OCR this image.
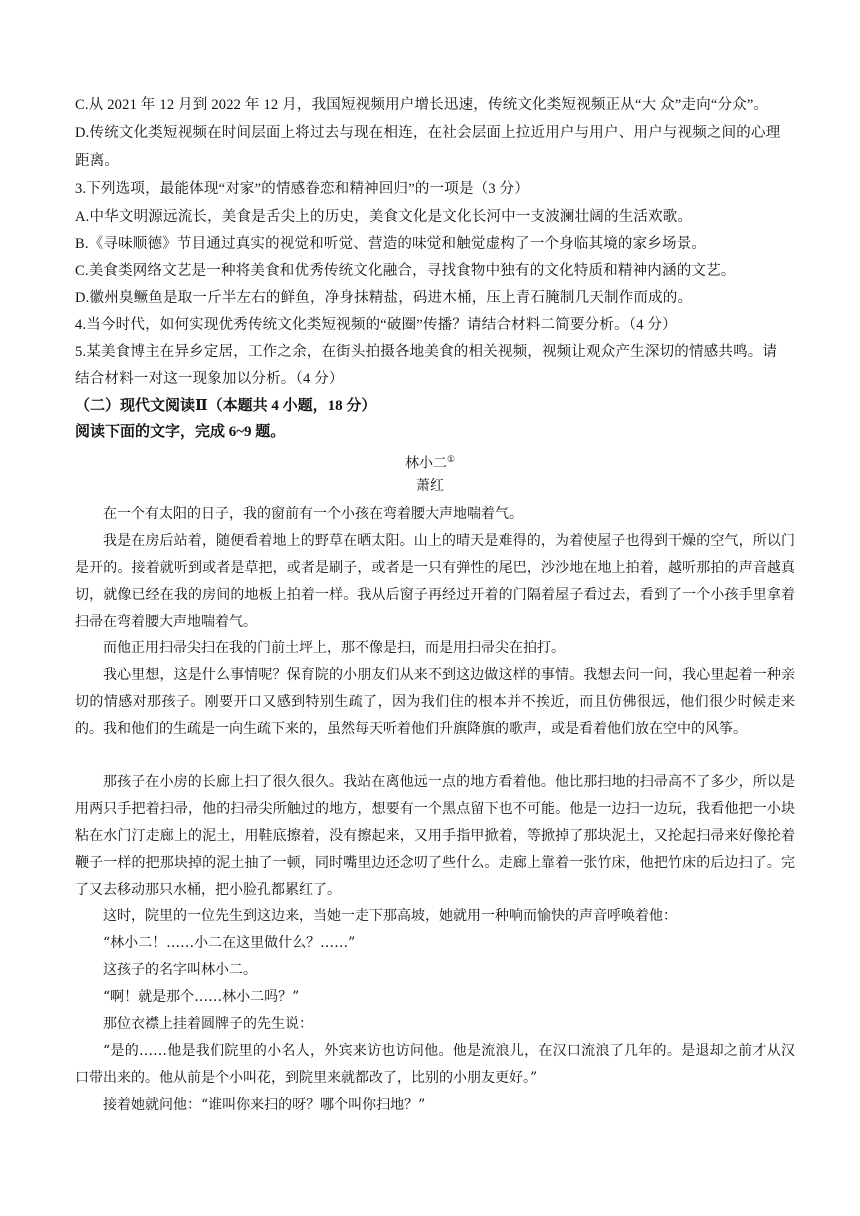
C.从 2021 年 12 月到 2022 年 12 月，我国短视频用户增长迅速，传统文化类短视频正从“大 众”走向“分众”。
D.传统文化类短视频在时间层面上将过去与现在相连，在社会层面上拉近用户与用户、用户与视频之间的心理
距离。
3.下列选项，最能体现“对家”的情感眷恋和精神回归”的一项是（3 分）
A.中华文明源远流长，美食是舌尖上的历史，美食文化是文化长河中一支波澜壮阔的生活欢歌。
B.《寻味顺德》节目通过真实的视觉和听觉、营造的味觉和触觉虚构了一个身临其境的家乡场景。
C.美食类网络文艺是一种将美食和优秀传统文化融合，寻找食物中独有的文化特质和精神内涵的文艺。
D.徽州臭鳜鱼是取一斤半左右的鲜鱼，净身抹精盐，码进木桶，压上青石腌制几天制作而成的。
4.当今时代，如何实现优秀传统文化类短视频的“破圈”传播？请结合材料二简要分析。（4 分）
5.某美食博主在异乡定居，工作之余，在街头拍摄各地美食的相关视频，视频让观众产生深切的情感共鸣。请
结合材料一对这一现象加以分析。（4 分）
（二）现代文阅读Ⅱ（本题共 4 小题，18 分）
阅读下面的文字，完成 6~9 题。
林小二①
萧红
在一个有太阳的日子，我的窗前有一个小孩在弯着腰大声地喘着气。
我是在房后站着，随便看着地上的野草在晒太阳。山上的晴天是难得的，为着使屋子也得到干燥的空气，所以门是开的。接着就听到或者是草把，或者是刷子，或者是一只有弹性的尾巴，沙沙地在地上拍着，越听那拍的声音越真切，就像已经在我的房间的地板上拍着一样。我从后窗子再经过开着的门隔着屋子看过去，看到了一个小孩手里拿着扫帚在弯着腰大声地喘着气。
而他正用扫帚尖扫在我的门前土坪上，那不像是扫，而是用扫帚尖在拍打。
我心里想，这是什么事情呢？保育院的小朋友们从来不到这边做这样的事情。我想去问一问，我心里起着一种亲切的情感对那孩子。刚要开口又感到特别生疏了，因为我们住的根本并不挨近，而且仿佛很远，他们很少时候走来的。我和他们的生疏是一向生疏下来的，虽然每天听着他们升旗降旗的歌声，或是看着他们放在空中的风筝。
那孩子在小房的长廊上扫了很久很久。我站在离他远一点的地方看着他。他比那扫地的扫帚高不了多少，所以是用两只手把着扫帚，他的扫帚尖所触过的地方，想要有一个黑点留下也不可能。他是一边扫一边玩，我看他把一小块粘在水门汀走廊上的泥土，用鞋底擦着，没有擦起来，又用手指甲掀着，等掀掉了那块泥土，又抡起扫帚来好像抡着鞭子一样的把那块掉的泥土抽了一顿，同时嘴里边还念叨了些什么。走廊上靠着一张竹床，他把竹床的后边扫了。完了又去移动那只水桶，把小脸孔都累红了。
这时，院里的一位先生到这边来，当她一走下那高坡，她就用一种响而愉快的声音呼唤着他：
“林小二！……小二在这里做什么？……”
这孩子的名字叫林小二。
“啊！就是那个……林小二吗？”
那位衣襟上挂着圆牌子的先生说：
“是的……他是我们院里的小名人，外宾来访也访问他。他是流浪儿，在汉口流浪了几年的。是退却之前才从汉口带出来的。他从前是个小叫花，到院里来就都改了，比别的小朋友更好。”
接着她就问他：“谁叫你来扫的呀？哪个叫你扫地？”
